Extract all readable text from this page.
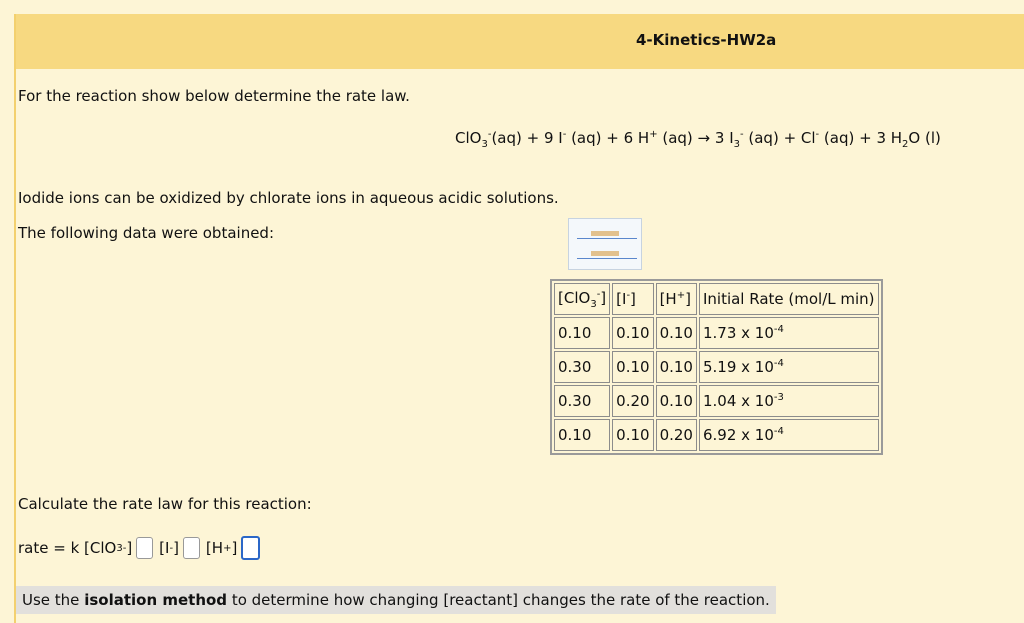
4-Kinetics-HW2a
For the reaction show below determine the rate law.
ClO$_3$-(aq) + 9 I- (aq) + 6 H+ (aq) → 3 $I_3^-$ (aq) + Cl- (aq) + 3 $H_2O$ (l)
Iodide ions can be oxidized by chlorate ions in aqueous acidic solutions.
The following data were obtained:
[ClO$_3$-]	[I-]	[H+]	Initial Rate (mol/L min)
0.10	0.10	0.10	1.73 x $10^{-4}$
0.30	0.10	0.10	5.19 x $10^{-4}$
0.30	0.20	0.10	1.04 x $10^{-3}$
0.10	0.10	0.20	6.92 x $10^{-4}$
Calculate the rate law for this reaction:
rate = k [ClO 3 - ] [I - ] [H + ]
Use the isolation method to determine how changing [reactant] changes the rate of the reaction.
